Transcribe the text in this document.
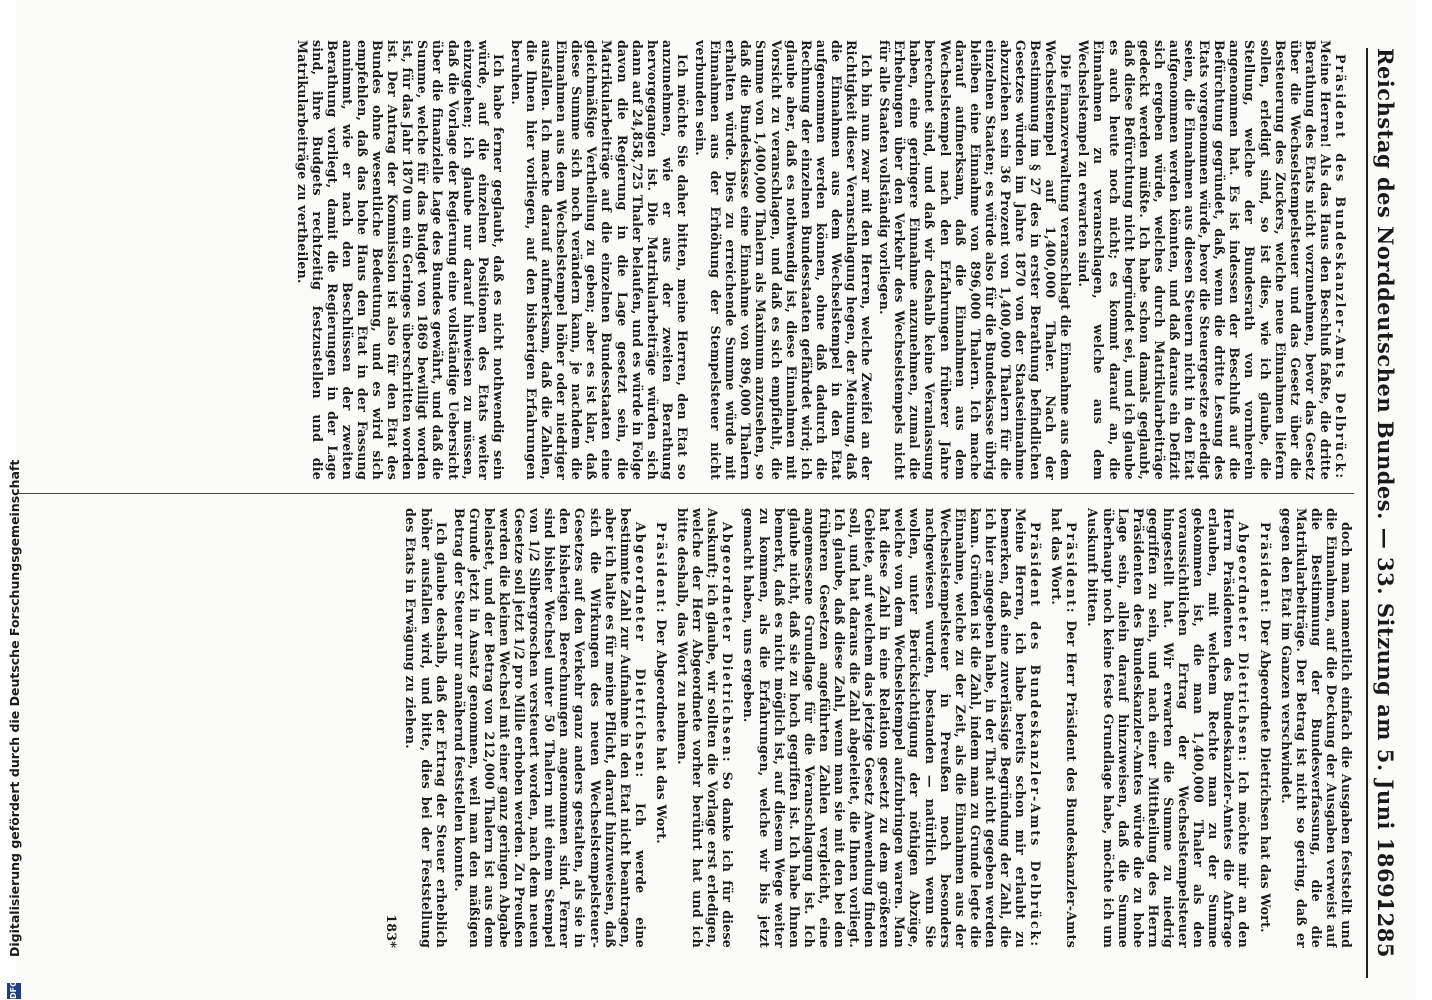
Reichstag des Norddeutschen Bundes. — 33. Sitzung am 5. Juni 1869.
1285

Präsident des Bundeskanzler-Amts Delbrück: Meine Herren! Als das Haus den Beschluß faßte, die dritte Berathung des Etats nicht vorzunehmen, bevor das Gesetz über die Wechselstempelsteuer und das Gesetz über die Besteuerung des Zuckers, welche neue Einnahmen liefern sollen, erledigt sind, so ist dies, wie ich glaube, die Stellung, welche der Bundesrath von vornherein angenommen hat. Es ist indessen der Beschluß auf die Befürchtung gegründet, daß, wenn die dritte Lesung des Etats vorgenommen würde, bevor die Steuergesetze erledigt seien, die Einnahmen aus diesen Steuern nicht in den Etat aufgenommen werden könnten, und daß daraus ein Defizit sich ergeben würde, welches durch Matrikularbeiträge gedeckt werden müßte. Ich habe schon damals geglaubt, daß diese Befürchtung nicht begründet sei, und ich glaube es auch heute noch nicht; es kommt darauf an, die Einnahmen zu veranschlagen, welche aus dem Wechselstempel zu erwarten sind.

Die Finanzverwaltung veranschlagt die Einnahme aus dem Wechselstempel auf 1,400,000 Thaler. Nach der Bestimmung im § 27 des in erster Berathung befindlichen Gesetzes würden im Jahre 1870 von der Staatseinnahme abzuziehen sein 36 Prozent von 1,400,000 Thalern für die einzelnen Staaten; es würde also für die Bundeskasse übrig bleiben eine Einnahme von 896,000 Thalern. Ich mache darauf aufmerksam, daß die Einnahmen aus dem Wechselstempel nach den Erfahrungen früherer Jahre berechnet sind, und daß wir deshalb keine Veranlassung haben, eine geringere Einnahme anzunehmen, zumal die Erhebungen über den Verkehr des Wechselstempels nicht für alle Staaten vollständig vorliegen.

Ich bin nun zwar mit den Herren, welche Zweifel an der Richtigkeit dieser Veranschlagung hegen, der Meinung, daß die Einnahmen aus dem Wechselstempel in den Etat aufgenommen werden können, ohne daß dadurch die Rechnung der einzelnen Bundesstaaten gefährdet wird; ich glaube aber, daß es nothwendig ist, diese Einnahmen mit Vorsicht zu veranschlagen, und daß es sich empfiehlt, die Summe von 1,400,000 Thalern als Maximum anzusehen, so daß die Bundeskasse eine Einnahme von 896,000 Thalern erhalten würde. Dies zu erreichende Summe würde mit Einnahmen aus der Erhöhung der Stempelsteuer nicht verbunden sein.

Ich möchte Sie daher bitten, meine Herren, den Etat so anzunehmen, wie er aus der zweiten Berathung hervorgegangen ist. Die Matrikularbeiträge würden sich dann auf 24,858,725 Thaler belaufen, und es würde in Folge davon die Regierung in die Lage gesetzt sein, die Matrikularbeiträge auf die einzelnen Bundesstaaten eine gleichmäßige Vertheilung zu geben; aber es ist klar, daß diese Summe sich noch verändern kann, je nachdem die Einnahmen aus dem Wechselstempel höher oder niedriger ausfallen. Ich mache darauf aufmerksam, daß die Zahlen, die Ihnen hier vorliegen, auf den bisherigen Erfahrungen beruhen.

Ich habe ferner geglaubt, daß es nicht nothwendig sein würde, auf die einzelnen Positionen des Etats weiter einzugehen; ich glaube nur darauf hinweisen zu müssen, daß die Vorlage der Regierung eine vollständige Uebersicht über die finanzielle Lage des Bundes gewährt, und daß die Summe, welche für das Budget von 1869 bewilligt worden ist, für das Jahr 1870 um ein Geringes überschritten worden ist. Der Antrag der Kommission ist also für den Etat des Bundes ohne wesentliche Bedeutung, und es wird sich empfehlen, daß das hohe Haus den Etat in der Fassung annimmt, wie er nach den Beschlüssen der zweiten Berathung vorliegt, damit die Regierungen in der Lage sind, ihre Budgets rechtzeitig festzustellen und die Matrikularbeiträge zu vertheilen.

doch man namentlich einfach die Ausgaben feststellt und die Einnahmen, auf die Deckung der Ausgaben verweist auf die Bestimmung der Bundesverfassung, die die Matrikularbeiträge. Der Betrag ist nicht so gering, daß er gegen den Etat im Ganzen verschwindet.

Präsident: Der Abgeordnete Dietrichsen hat das Wort.

Abgeordneter Dietrichsen: Ich möchte mir an den Herrn Präsidenten des Bundeskanzler-Amtes die Anfrage erlauben, mit welchem Rechte man zu der Summe gekommen ist, die man 1,400,000 Thaler als den voraussichtlichen Ertrag der Wechselstempelsteuer hingestellt hat. Wir erwarten die Summe zu niedrig gegriffen zu sein, und nach einer Mittheilung des Herrn Präsidenten des Bundeskanzler-Amtes würde die zu hohe Lage sein, allein darauf hinzuweisen, daß die Summe überhaupt noch keine feste Grundlage habe, möchte ich um Auskunft bitten.

Präsident: Der Herr Präsident des Bundeskanzler-Amts hat das Wort.

Präsident des Bundeskanzler-Amts Delbrück: Meine Herren, ich habe bereits schon mir erlaubt zu bemerken, daß eine zuverlässige Begründung der Zahl, die ich hier angegeben habe, in der That nicht gegeben werden kann. Gründen ist die Zahl, indem man zu Grunde legte die Einnahme, welche zu der Zeit, als die Einnahmen aus der Wechselstempelsteuer in Preußen noch besonders nachgewiesen wurden, bestanden — natürlich wenn Sie wollen, unter Berücksichtigung der nöthigen Abzüge, welche von dem Wechselstempel aufzubringen waren. Man hat diese Zahl in eine Relation gesetzt zu dem größeren Gebiete, auf welchem das jetzige Gesetz Anwendung finden soll, und hat daraus die Zahl abgeleitet, die Ihnen vorliegt. Ich glaube, daß diese Zahl, wenn man sie mit den bei den früheren Gesetzen angeführten Zahlen vergleicht, eine angemessene Grundlage für die Veranschlagung ist. Ich glaube nicht, daß sie zu hoch gegriffen ist. Ich habe Ihnen bemerkt, daß es nicht möglich ist, auf diesem Wege weiter zu kommen, als die Erfahrungen, welche wir bis jetzt gemacht haben, uns ergeben.

Abgeordneter Dietrichsen: So danke ich für diese Auskunft; ich glaube, wir sollten die Vorlage erst erledigen, welche der Herr Abgeordnete vorher berührt hat und ich bitte deshalb, das Wort zu nehmen.

Präsident: Der Abgeordnete hat das Wort.

Abgeordneter Dietrichsen: Ich werde eine bestimmte Zahl zur Aufnahme in den Etat nicht beantragen, aber ich halte es für meine Pflicht, darauf hinzuweisen, daß sich die Wirkungen des neuen Wechselstempelsteuer-Gesetzes auf den Verkehr ganz anders gestalten, als sie in den bisherigen Berechnungen angenommen sind. Ferner sind bisher Wechsel unter 50 Thalern mit einem Stempel von 1/2 Silbergroschen versteuert worden, nach dem neuen Gesetze soll jetzt 1/2 pro Mille erhoben werden. Zu Preußen werden die kleinen Wechsel mit einer ganz geringen Abgabe belastet, und der Betrag von 212,000 Thalern ist aus dem Grunde jetzt in Ansatz genommen, weil man den mäßigen Betrag der Steuer nur annähernd feststellen konnte.

Ich glaube deshalb, daß der Ertrag der Steuer erheblich höher ausfallen wird, und bitte, dies bei der Feststellung des Etats in Erwägung zu ziehen.

183*
DFG
Digitalisierung gefördert durch die Deutsche Forschungsgemeinschaft
